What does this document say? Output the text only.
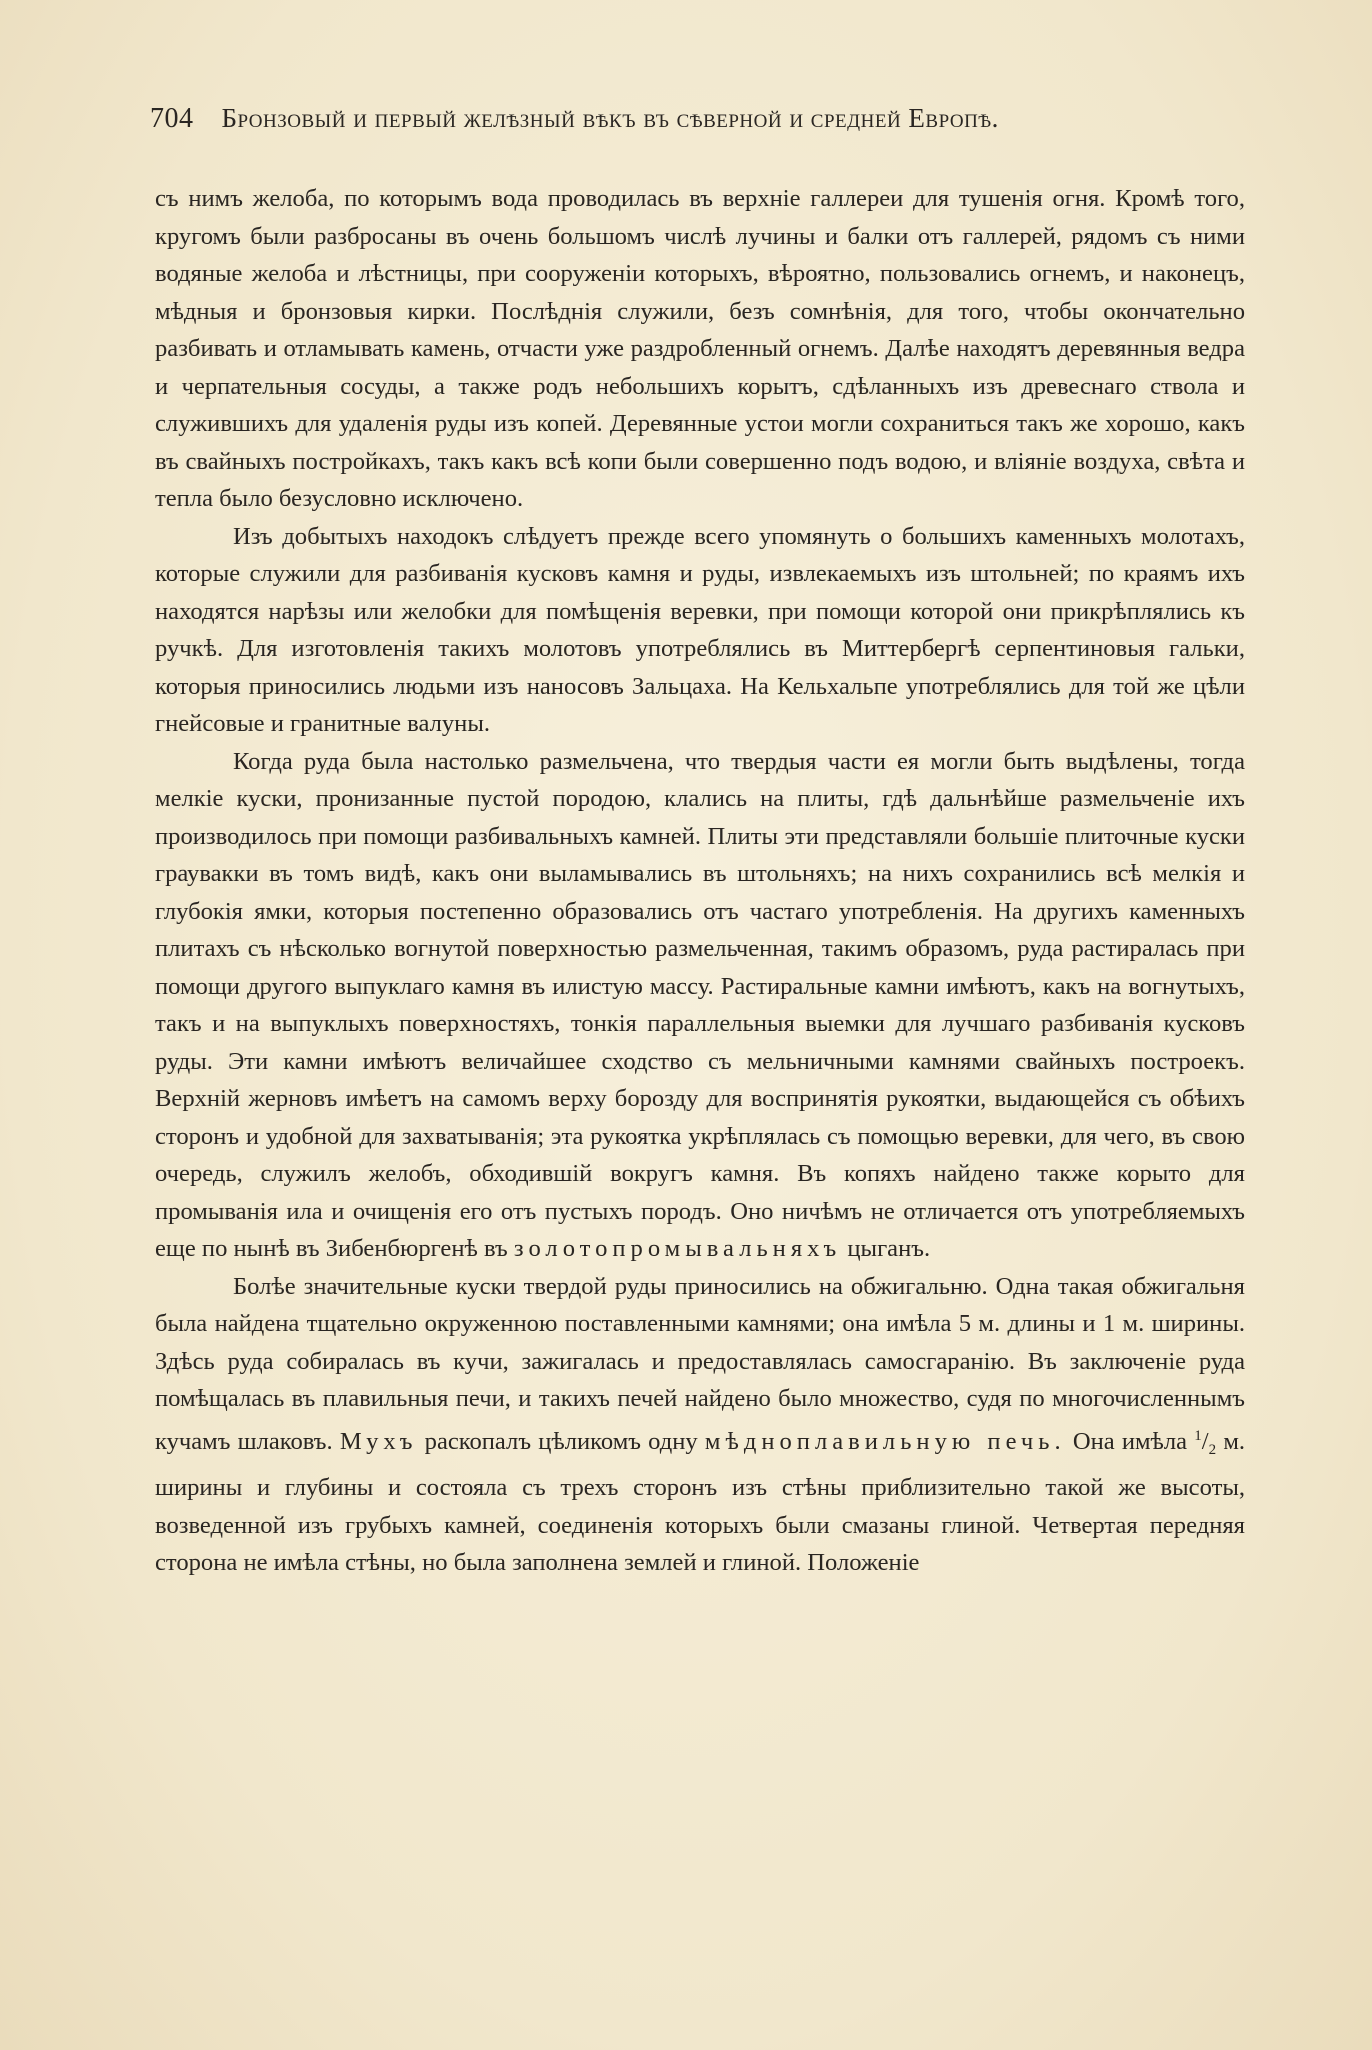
704 Бронзовый и первый желѣзный вѣкъ въ сѣверной и средней Европѣ.

съ нимъ желоба, по которымъ вода проводилась въ верхніе галлереи для тушенія огня. Кромѣ того, кругомъ были разбросаны въ очень большомъ числѣ лучины и балки отъ галлерей, рядомъ съ ними водяные желоба и лѣстницы, при сооруженіи которыхъ, вѣроятно, пользовались огнемъ, и наконецъ, мѣдныя и бронзовыя кирки. Послѣднія служили, безъ сомнѣнія, для того, чтобы окончательно разбивать и отламывать камень, отчасти уже раздробленный огнемъ. Далѣе находятъ деревянныя ведра и черпательныя сосуды, а также родъ небольшихъ корытъ, сдѣланныхъ изъ древеснаго ствола и служившихъ для удаленія руды изъ копей. Деревянные устои могли сохраниться такъ же хорошо, какъ въ свайныхъ постройкахъ, такъ какъ всѣ копи были совершенно подъ водою, и вліяніе воздуха, свѣта и тепла было безусловно исключено.

Изъ добытыхъ находокъ слѣдуетъ прежде всего упомянуть о большихъ каменныхъ молотахъ, которые служили для разбиванія кусковъ камня и руды, извлекаемыхъ изъ штольней; по краямъ ихъ находятся нарѣзы или желобки для помѣщенія веревки, при помощи которой они прикрѣплялись къ ручкѣ. Для изготовленія такихъ молотовъ употреблялись въ Миттербергѣ серпентиновыя гальки, которыя приносились людьми изъ наносовъ Зальцаха. На Кельхальпе употреблялись для той же цѣли гнейсовые и гранитные валуны.

Когда руда была настолько размельчена, что твердыя части ея могли быть выдѣлены, тогда мелкіе куски, пронизанные пустой породою, клались на плиты, гдѣ дальнѣйше размельченіе ихъ производилось при помощи разбивальныхъ камней. Плиты эти представляли большіе плиточные куски граувакки въ томъ видѣ, какъ они выламывались въ штольняхъ; на нихъ сохранились всѣ мелкія и глубокія ямки, которыя постепенно образовались отъ частаго употребленія. На другихъ каменныхъ плитахъ съ нѣсколько вогнутой поверхностью размельченная, такимъ образомъ, руда растиралась при помощи другого выпуклаго камня въ илистую массу. Растиральные камни имѣютъ, какъ на вогнутыхъ, такъ и на выпуклыхъ поверхностяхъ, тонкія параллельныя выемки для лучшаго разбиванія кусковъ руды. Эти камни имѣютъ величайшее сходство съ мельничными камнями свайныхъ построекъ. Верхній жерновъ имѣетъ на самомъ верху борозду для воспринятія рукоятки, выдающейся съ обѣихъ сторонъ и удобной для захватыванія; эта рукоятка укрѣплялась съ помощью веревки, для чего, въ свою очередь, служилъ желобъ, обходившій вокругъ камня. Въ копяхъ найдено также корыто для промыванія ила и очищенія его отъ пустыхъ породъ. Оно ничѣмъ не отличается отъ употребляемыхъ еще по нынѣ въ Зибенбюргенѣ въ золотопромывальняхъ цыганъ.

Болѣе значительные куски твердой руды приносились на обжигальню. Одна такая обжигальня была найдена тщательно окруженною поставленными камнями; она имѣла 5 м. длины и 1 м. ширины. Здѣсь руда собиралась въ кучи, зажигалась и предоставлялась самосгаранію. Въ заключеніе руда помѣщалась въ плавильныя печи, и такихъ печей найдено было множество, судя по многочисленнымъ кучамъ шлаковъ. Мухъ раскопалъ цѣликомъ одну мѣдноплавильную печь. Она имѣла $^1/_2$ м. ширины и глубины и состояла съ трехъ сторонъ изъ стѣны приблизительно такой же высоты, возведенной изъ грубыхъ камней, соединенія которыхъ были смазаны глиной. Четвертая передняя сторона не имѣла стѣны, но была заполнена землей и глиной. Положеніе
